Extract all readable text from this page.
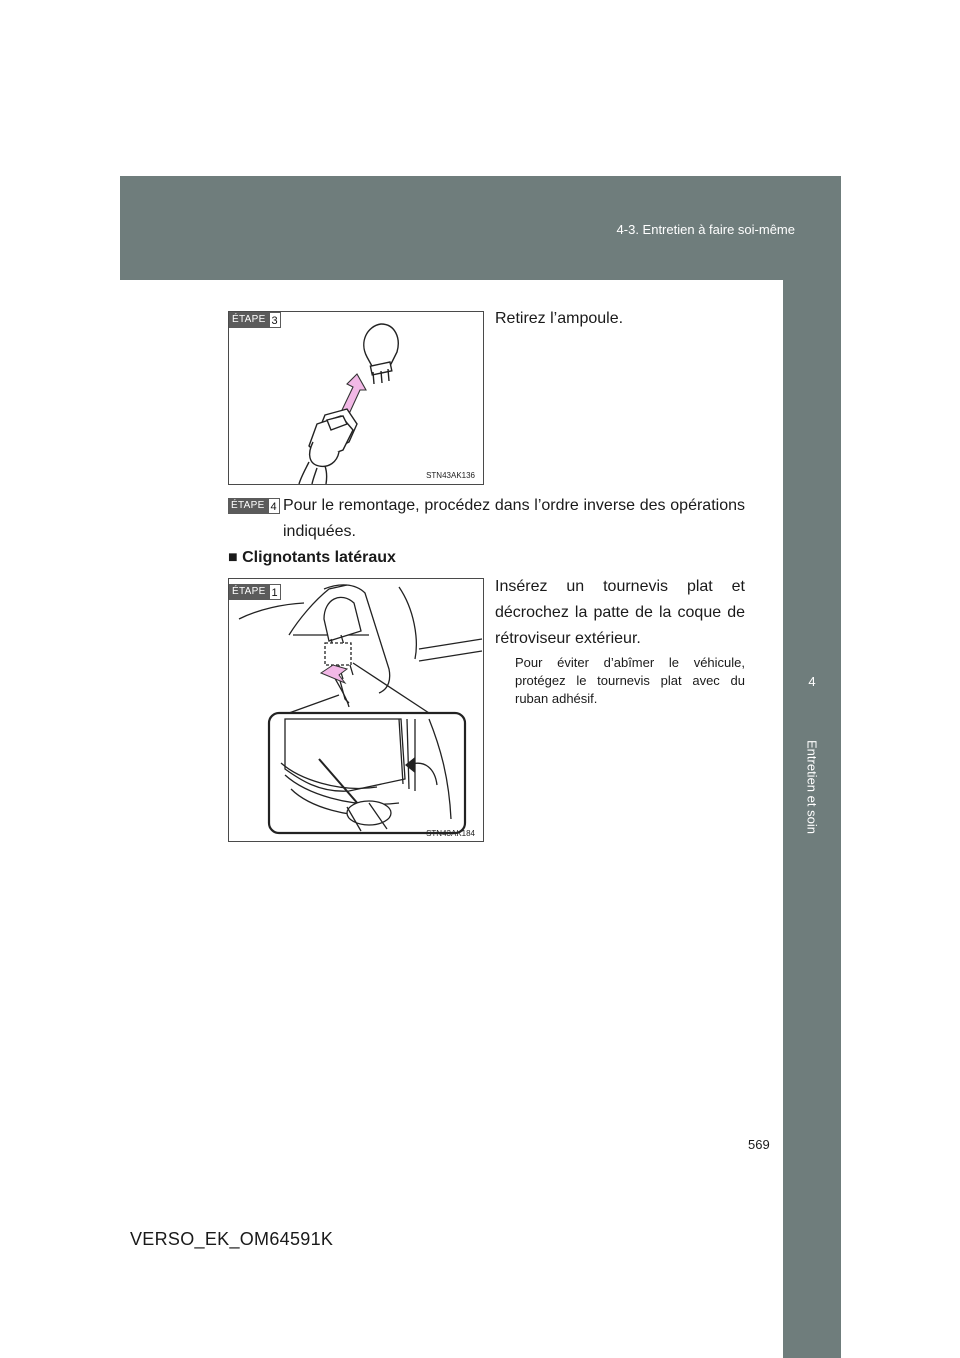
4-3. Entretien à faire soi-même
4
Entretien et soin
ÉTAPE 3
STN43AK136
Retirez l’ampoule.
ÉTAPE 4 Pour le remontage, procédez dans l’ordre inverse des opérations indiquées.
■ Clignotants latéraux
ÉTAPE 1
STN43AK184
Insérez un tournevis plat et décrochez la patte de la coque de rétroviseur extérieur.
Pour éviter d’abîmer le véhicule, protégez le tournevis plat avec du ruban adhésif.
569
VERSO_EK_OM64591K
